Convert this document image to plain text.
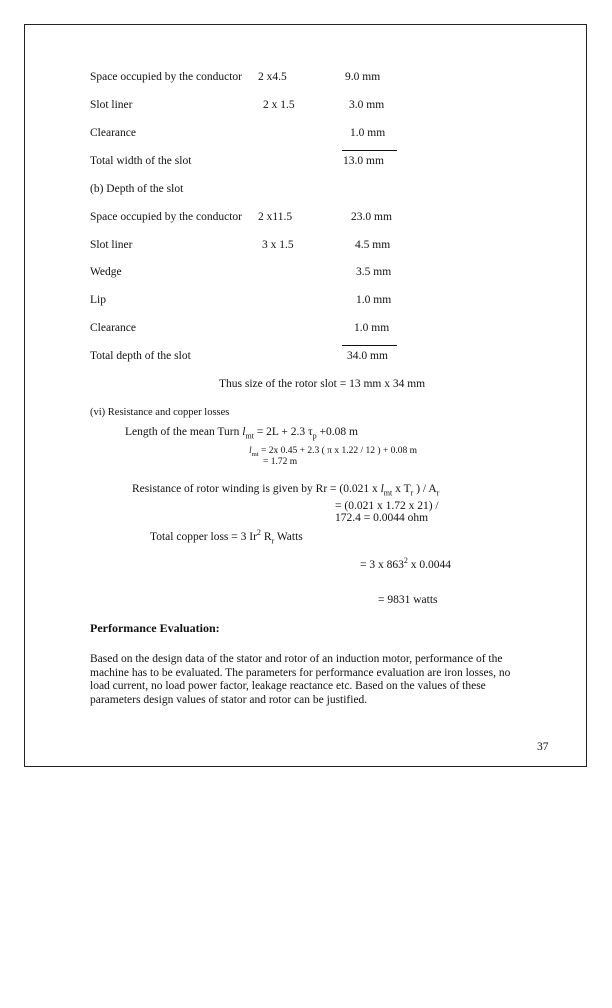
Space occupied by the conductor 2 x4.5	9.0 mm
Slot liner	2 x 1.5	3.0 mm
Clearance	1.0 mm
Total width of the slot	13.0 mm
(b) Depth of the slot
Space occupied by the conductor 2 x11.5	23.0 mm
Slot liner	3 x 1.5	4.5 mm
Wedge	3.5 mm
Lip	1.0 mm
Clearance	1.0 mm
Total depth of the slot	34.0 mm
Thus size of the rotor slot = 13 mm x 34 mm
(vi) Resistance and copper losses
Length of the mean Turn $l_{mt} = 2L + 2.3$ $\tau_p +0.08$ m
$l_{mt} = 2x$ 0.45 + 2.3 ( π x 1.22 / 12 ) + 0.08 m
= 1.72 m
Resistance of rotor winding is given by Rr = (0.021 x $l_{mt}$ x $T_r$ ) / $A_r$
= (0.021 x 1.72 x 21) /
172.4 = 0.0044 ohm
Total copper loss = 3 Ir$^2$ $R_r$ Watts
= 3 x $863^2$ x 0.0044
= 9831 watts
Performance Evaluation:
Based on the design data of the stator and rotor of an induction motor, performance of the machine has to be evaluated. The parameters for performance evaluation are iron losses, no load current, no load power factor, leakage reactance etc. Based on the values of these parameters design values of stator and rotor can be justified.
37
